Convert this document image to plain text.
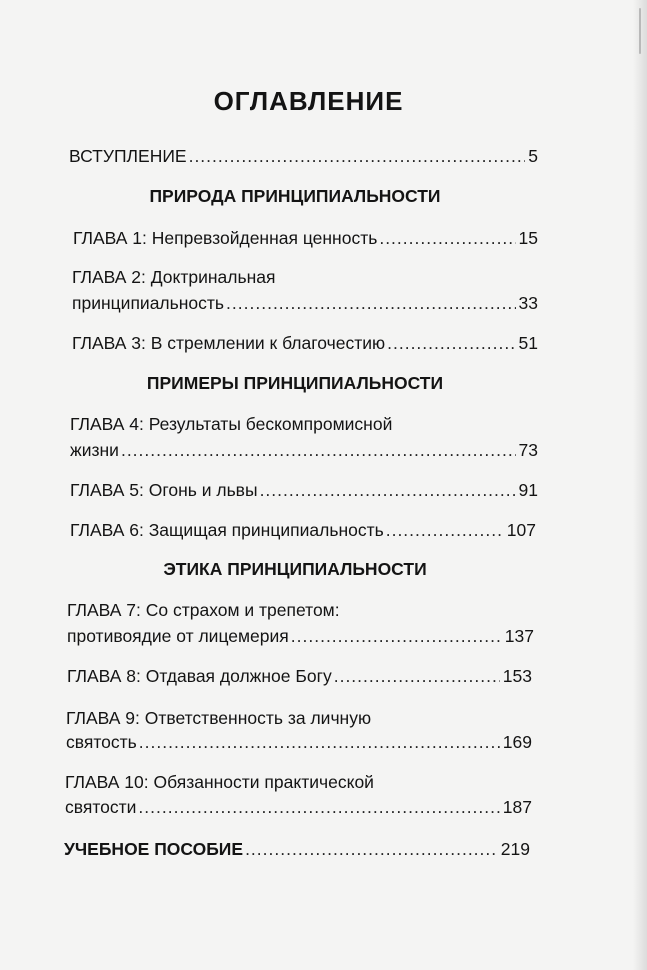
ОГЛАВЛЕНИЕ
ВСТУПЛЕНИЕ .....	5
ПРИРОДА ПРИНЦИПИАЛЬНОСТИ
ГЛАВА 1: Непревзойденная ценность .....	15
ГЛАВА 2: Доктринальная
принципиальность .....	33
ГЛАВА 3: В стремлении к благочестию .....	51
ПРИМЕРЫ ПРИНЦИПИАЛЬНОСТИ
ГЛАВА 4: Результаты бескомпромисной
жизни .....	73
ГЛАВА 5: Огонь и львы .....	91
ГЛАВА 6: Защищая принципиальность .....	107
ЭТИКА ПРИНЦИПИАЛЬНОСТИ
ГЛАВА 7: Со страхом и трепетом:
противоядие от лицемерия .....	137
ГЛАВА 8: Отдавая должное Богу .....	153
ГЛАВА 9: Ответственность за личную
святость .....	169
ГЛАВА 10: Обязанности практической
святости .....	187
УЧЕБНОЕ ПОСОБИЕ .....	219
